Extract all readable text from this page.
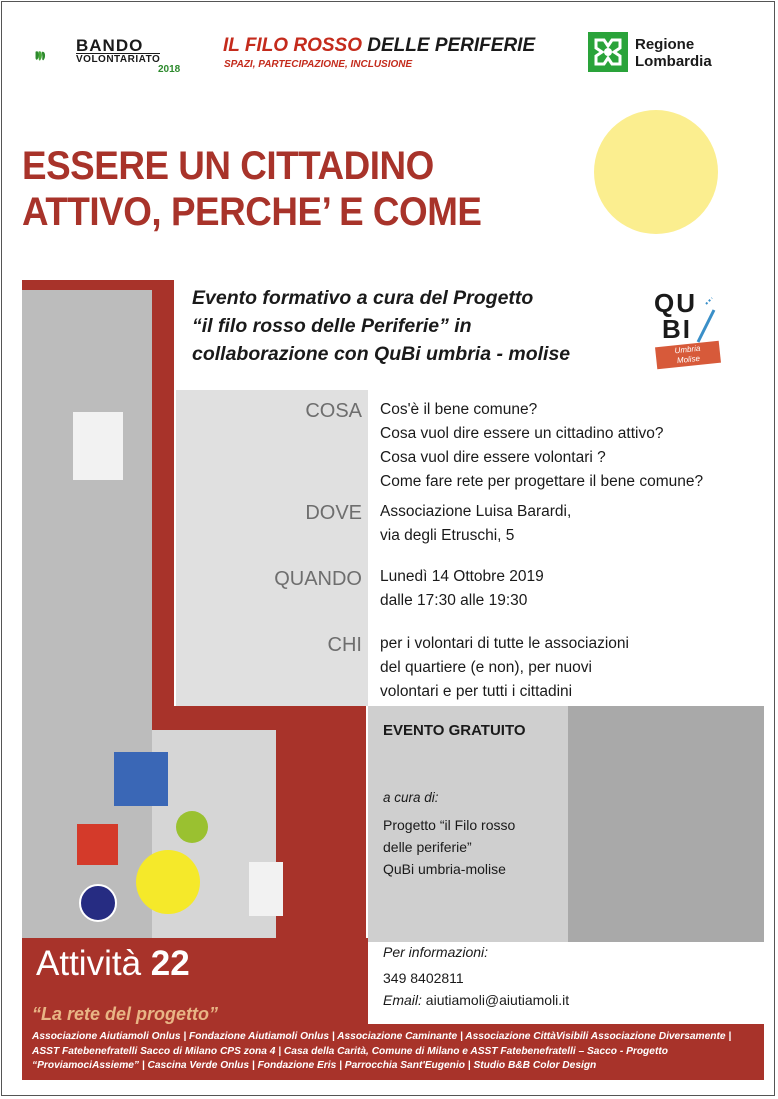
BANDO
VOLONTARIATO
2018
IL FILO ROSSO DELLE PERIFERIE
SPAZI, PARTECIPAZIONE, INCLUSIONE
Regione
Lombardia
ESSERE UN CITTADINO
ATTIVO, PERCHE’ E COME
Evento formativo a cura del Progetto
“il filo rosso delle Periferie” in
collaborazione con QuBi umbria - molise
QU
BI
Umbria
Molise
COSA Cos'è il bene comune?
Cosa vuol dire essere un cittadino attivo?
Cosa vuol dire essere volontari ?
Come fare rete per progettare il bene comune?
DOVE Associazione Luisa Barardi,
via degli Etruschi, 5
QUANDO Lunedì 14 Ottobre 2019
dalle 17:30 alle 19:30
CHI per i volontari di tutte le associazioni
del quartiere (e non), per nuovi
volontari e per tutti i cittadini
EVENTO GRATUITO
a cura di:
Progetto “il Filo rosso
delle periferie”
QuBi umbria-molise
Per informazioni:
349 8402811
Email: aiutiamoli@aiutiamoli.it
Attività 22
“La rete del progetto”
Associazione Aiutiamoli Onlus | Fondazione Aiutiamoli Onlus | Associazione Caminante | Associazione CittàVisibili Associazione Diversamente | ASST Fatebenefratelli Sacco di Milano CPS zona 4 | Casa della Carità, Comune di Milano e ASST Fatebenefratelli – Sacco - Progetto “ProviamociAssieme” | Cascina Verde Onlus | Fondazione Eris | Parrocchia Sant'Eugenio | Studio B&B Color Design
